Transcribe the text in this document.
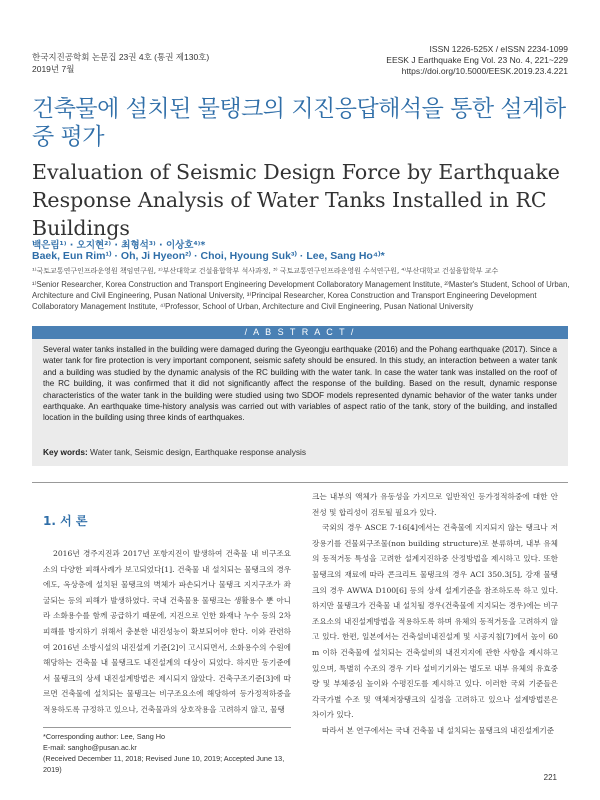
한국지진공학회 논문집 23권 4호 (통권 제130호)
2019년 7월
ISSN 1226-525X / eISSN 2234-1099
EESK J Earthquake Eng Vol. 23 No. 4, 221~229
https://doi.org/10.5000/EESK.2019.23.4.221
건축물에 설치된 물탱크의 지진응답해석을 통한 설계하중 평가
Evaluation of Seismic Design Force by Earthquake Response Analysis of Water Tanks Installed in RC Buildings
백은림¹⁾ · 오지현²⁾ · 최형석³⁾ · 이상호⁴⁾*
Baek, Eun Rim¹⁾ · Oh, Ji Hyeon²⁾ · Choi, Hyoung Suk³⁾ · Lee, Sang Ho⁴⁾*
¹⁾국토교통연구인프라운영원 책임연구원, ²⁾부산대학교 건설융합학부 석사과정, ³⁾ 국토교통연구인프라운영원 수석연구원, ⁴⁾부산대학교 건설융합학부 교수
¹⁾Senior Researcher, Korea Construction and Transport Engineering Development Collaboratory Management Institute, ²⁾Master's Student, School of Urban, Architecture and Civil Engineering, Pusan National University, ³⁾Principal Researcher, Korea Construction and Transport Engineering Development Collaboratory Management Institute, ⁴⁾Professor, School of Urban, Architecture and Civil Engineering, Pusan National University
/ A B S T R A C T /
Several water tanks installed in the building were damaged during the Gyeongju earthquake (2016) and the Pohang earthquake (2017). Since a water tank for fire protection is very important component, seismic safety should be ensured. In this study, an interaction between a water tank and a building was studied by the dynamic analysis of the RC building with the water tank. In case the water tank was installed on the roof of the RC building, it was confirmed that it did not significantly affect the response of the building. Based on the result, dynamic response characteristics of the water tank in the building were studied using two SDOF models represented dynamic behavior of the water tanks under earthquake. An earthquake time-history analysis was carried out with variables of aspect ratio of the tank, story of the building, and installed location in the building using three kinds of earthquakes.
Key words: Water tank, Seismic design, Earthquake response analysis
1. 서 론

2016년 경주지진과 2017년 포항지진이 발생하여 건축물 내 비구조요소의 다양한 피해사례가 보고되었다[1]. 건축물 내 설치되는 물탱크의 경우에도, 옥상층에 설치된 물탱크의 벽체가 파손되거나 물탱크 지지구조가 좌굴되는 등의 피해가 발생하였다. 국내 건축물용 물탱크는 생활용수 뿐 아니라 소화용수를 함께 공급하기 때문에, 지진으로 인한 화재나 누수 등의 2차 피해를 방지하기 위해서 충분한 내진성능이 확보되어야 한다. 이와 관련하여 2016년 소방시설의 내진설계 기준[2]이 고시되면서, 소화용수의 수원에 해당하는 건축물 내 물탱크도 내진설계의 대상이 되었다. 하지만 동기준에서 물탱크의 상세 내진설계방법은 제시되지 않았다. 건축구조기준[3]에 따르면 건축물에 설치되는 물탱크는 비구조요소에 해당하여 등가정적하중을 적용하도록 규정하고 있으나, 건축물과의 상호작용을 고려하지 않고, 물탱

*Corresponding author: Lee, Sang Ho
E-mail: sangho@pusan.ac.kr
(Received December 11, 2018; Revised June 10, 2019; Accepted June 13, 2019)

크는 내부의 액체가 유동성을 가지므로 일반적인 등가정적하중에 대한 안전성 및 합리성이 검토될 필요가 있다.

국외의 경우 ASCE 7-16[4]에서는 건축물에 지지되지 않는 탱크나 저장용기를 건물외구조물(non building structure)로 분류하며, 내부 유체의 동적거동 특성을 고려한 설계지진하중 산정방법을 제시하고 있다. 또한 물탱크의 재료에 따라 콘크리트 물탱크의 경우 ACI 350.3[5], 강재 물탱크의 경우 AWWA D100[6] 등의 상세 설계기준을 참조하도록 하고 있다. 하지만 물탱크가 건축물 내 설치될 경우(건축물에 지지되는 경우)에는 비구조요소의 내진설계방법을 적용하도록 하며 유체의 동적거동을 고려하지 않고 있다. 한편, 일본에서는 건축설비내진설계 및 시공지침[7]에서 높이 60 m 이하 건축물에 설치되는 건축설비의 내진지지에 관한 사항을 제시하고 있으며, 특별히 수조의 경우 기타 설비기기와는 별도로 내부 유체의 유효중량 및 부체중심 높이와 수평진도를 제시하고 있다. 이러한 국외 기준들은 각국가별 수조 및 액체저장탱크의 실정을 고려하고 있으나 설계방법론은 차이가 있다.

따라서 본 연구에서는 국내 건축물 내 설치되는 물탱크의 내진설계기준

221
